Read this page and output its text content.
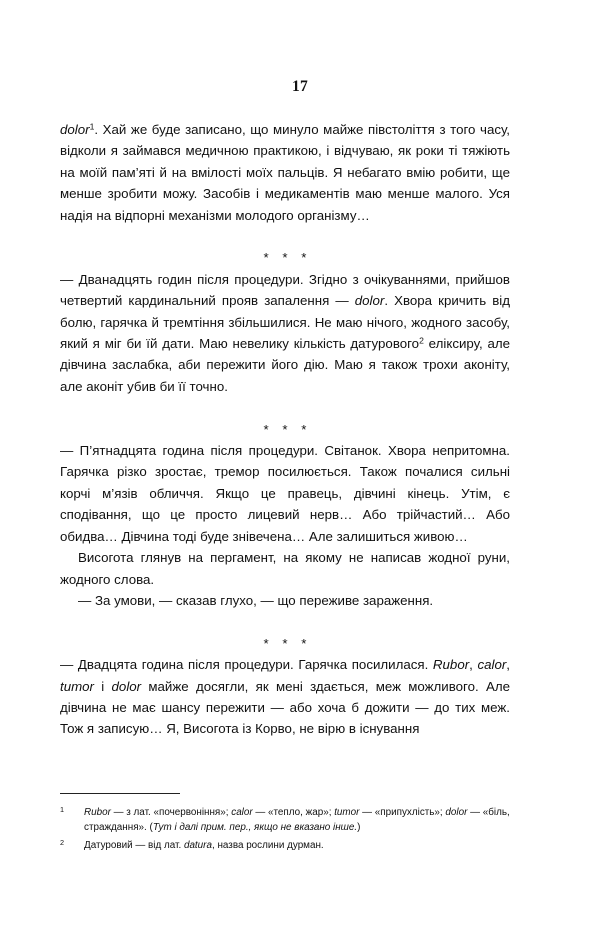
17

dolor$^1$. Хай же буде записано, що минуло майже півстоліття з того часу, відколи я займався медичною практикою, і відчуваю, як роки ті тяжіють на моїй пам’яті й на вмілості моїх пальців. Я небагато вмію робити, ще менше зробити можу. Засобів і медикаментів маю менше малого. Уся надія на відпорні механізми молодого організму…

* * *

— Дванадцять годин після процедури. Згідно з очікуваннями, прийшов четвертий кардинальний прояв запалення — dolor. Хвора кричить від болю, гарячка й тремтіння збільшилися. Не маю нічого, жодного засобу, який я міг би їй дати. Маю невелику кількість датурового$^2$ еліксиру, але дівчина заслабка, аби пережити його дію. Маю я також трохи аконіту, але аконіт убив би її точно.

* * *

— П’ятнадцята година після процедури. Світанок. Хвора непритомна. Гарячка різко зростає, тремор посилюється. Також почалися сильні корчі м’язів обличчя. Якщо це правець, дівчині кінець. Утім, є сподівання, що це просто лицевий нерв… Або трійчастий… Або обидва… Дівчина тоді буде знівечена… Але залишиться живою…

Висогота глянув на пергамент, на якому не написав жодної руни, жодного слова.

— За умови, — сказав глухо, — що переживе зараження.

* * *

— Двадцята година після процедури. Гарячка посилилася. Rubor, calor, tumor і dolor майже досягли, як мені здається, меж можливого. Але дівчина не має шансу пережити — або хоча б дожити — до тих меж. Тож я записую… Я, Висогота із Корво, не вірю в існування

1	Rubor — з лат. «почервоніння»; calor — «тепло, жар»; tumor — «припухлість»; dolor — «біль, страждання». (Тут і далі прим. пер., якщо не вказано інше.)
2	Датуровий — від лат. datura, назва рослини дурман.
